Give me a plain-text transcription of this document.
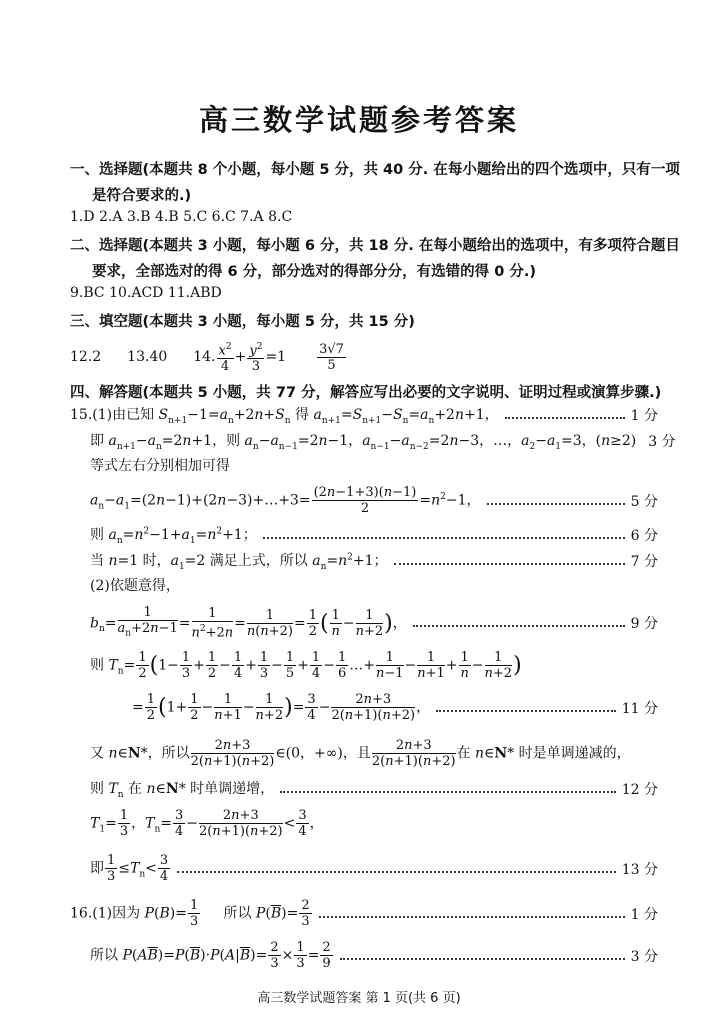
高三数学试题参考答案
一、选择题(本题共 8 个小题，每小题 5 分，共 40 分. 在每小题给出的四个选项中，只有一项
是符合要求的.)
1.D 2.A 3.B 4.B 5.C 6.C 7.A 8.C
二、选择题(本题共 3 小题，每小题 6 分，共 18 分. 在每小题给出的选项中，有多项符合题目
要求，全部选对的得 6 分，部分选对的得部分分，有选错的得 0 分.)
9.BC 10.ACD 11.ABD
三、填空题(本题共 3 小题，每小题 5 分，共 15 分)
12.2 13.40 14. $\frac{x^2}{4} + \frac{y^2}{3} =1 \frac{3√7}{5}$
四、解答题(本题共 5 小题，共 77 分，解答应写出必要的文字说明、证明过程或演算步骤.)
15.(1)由已知 $S_{n+1}-1=a_n+2n+S_n$ 得 $a_{n+1}=S_{n+1}-S_n=a_n+2n+1$，	1 分
即 $a_{n+1}-a_n=2n+1$，则 $a_n-a_{n-1}=2n-1$，$a_{n-1}-a_{n-2}=2n-3$，…，$a_2-a_1=3$，(n≥2) 3 分
等式左右分别相加可得
$a_n-a_1=(2n-1)+(2n-3)+\dots+3= \frac{(2n-1+3)(n-1)}{2} =n^2-1$，	5 分
则 $a_n=n^2-1+a_1=n^2+1$；	6 分
当 n=1 时，$a_1=2$ 满足上式，所以 $a_n=n^2+1$；	7 分
(2)依题意得，
$b_n= \frac{1}{a_n+2n-1} = \frac{1}{n^2+2n} = \frac{1}{n(n+2)} = \frac{1}{2}$ ( $\frac{1}{n} - \frac{1}{n+2}$ )，	9 分
则 $T_n= \frac{1}{2} (1- \frac{1}{3} + \frac{1}{2} - \frac{1}{4} + \frac{1}{3} - \frac{1}{5} + \frac{1}{4} - \frac{1}{6}$ …+ $\frac{1}{n-1} - \frac{1}{n+1} + \frac{1}{n} - \frac{1}{n+2}$ )
= $\frac{1}{2} (1+ \frac{1}{2} - \frac{1}{n+1} - \frac{1}{n+2}$ )= $\frac{3}{4} - \frac{2n+3}{2(n+1)(n+2)}$ ，	11 分
又 n∈N*，所以 $\frac{2n+3}{2(n+1)(n+2)}$ ∈(0，+∞)，且 $\frac{2n+3}{2(n+1)(n+2)}$ 在 n∈N* 时是单调递减的，
则 $T_n$ 在 n∈N* 时单调递增，	12 分
$T_1= \frac{1}{3}$ ，$T_n= \frac{3}{4} - \frac{2n+3}{2(n+1)(n+2)} < \frac{3}{4}$ ，
即 $\frac{1}{3} \le T_n< \frac{3}{4}$	13 分
16.(1)因为 $P(B)= \frac{1}{3}$ 所以 $P(\overline{B})= \frac{2}{3}$	1 分
所以 $P(A\overline{B})=P(\overline{B})\cdot P(A|\overline{B})= \frac{2}{3} \times \frac{1}{3} = \frac{2}{9}$	3 分
高三数学试题答案 第 1 页(共 6 页)
